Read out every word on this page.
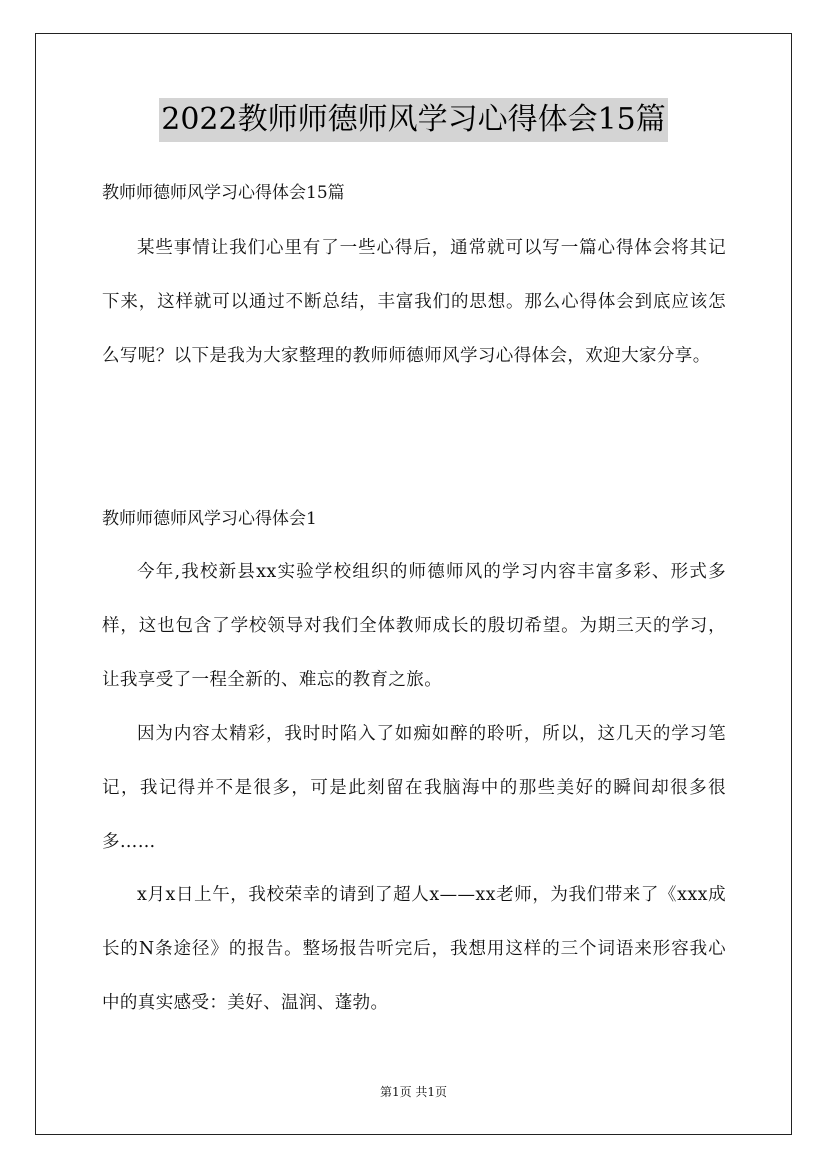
2022教师师德师风学习心得体会15篇
教师师德师风学习心得体会15篇

某些事情让我们心里有了一些心得后，通常就可以写一篇心得体会将其记下来，这样就可以通过不断总结，丰富我们的思想。那么心得体会到底应该怎么写呢？以下是我为大家整理的教师师德师风学习心得体会，欢迎大家分享。

教师师德师风学习心得体会1

今年,我校新县xx实验学校组织的师德师风的学习内容丰富多彩、形式多样，这也包含了学校领导对我们全体教师成长的殷切希望。为期三天的学习，让我享受了一程全新的、难忘的教育之旅。

因为内容太精彩，我时时陷入了如痴如醉的聆听，所以，这几天的学习笔记，我记得并不是很多，可是此刻留在我脑海中的那些美好的瞬间却很多很多……

x月x日上午，我校荣幸的请到了超人x——xx老师，为我们带来了《xxx成长的N条途径》的报告。整场报告听完后，我想用这样的三个词语来形容我心中的真实感受：美好、温润、蓬勃。

第1页 共1页
